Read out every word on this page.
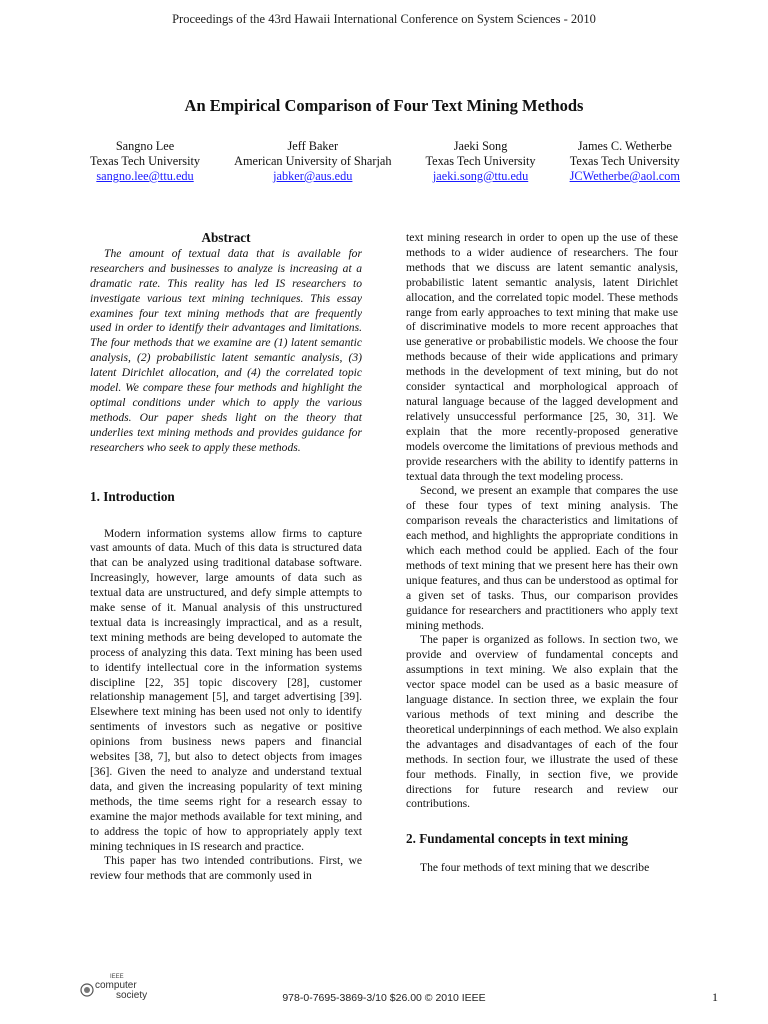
Proceedings of the 43rd Hawaii International Conference on System Sciences - 2010
An Empirical Comparison of Four Text Mining Methods
Sangno Lee
Texas Tech University
sangno.lee@ttu.edu
Jeff Baker
American University of Sharjah
jabker@aus.edu
Jaeki Song
Texas Tech University
jaeki.song@ttu.edu
James C. Wetherbe
Texas Tech University
JCWetherbe@aol.com
Abstract

The amount of textual data that is available for researchers and businesses to analyze is increasing at a dramatic rate. This reality has led IS researchers to investigate various text mining techniques. This essay examines four text mining methods that are frequently used in order to identify their advantages and limitations. The four methods that we examine are (1) latent semantic analysis, (2) probabilistic latent semantic analysis, (3) latent Dirichlet allocation, and (4) the correlated topic model. We compare these four methods and highlight the optimal conditions under which to apply the various methods. Our paper sheds light on the theory that underlies text mining methods and provides guidance for researchers who seek to apply these methods.

1. Introduction

Modern information systems allow firms to capture vast amounts of data. Much of this data is structured data that can be analyzed using traditional database software. Increasingly, however, large amounts of data such as textual data are unstructured, and defy simple attempts to make sense of it. Manual analysis of this unstructured textual data is increasingly impractical, and as a result, text mining methods are being developed to automate the process of analyzing this data. Text mining has been used to identify intellectual core in the information systems discipline [22, 35] topic discovery [28], customer relationship management [5], and target advertising [39]. Elsewhere text mining has been used not only to identify sentiments of investors such as negative or positive opinions from business news papers and financial websites [38, 7], but also to detect objects from images [36]. Given the need to analyze and understand textual data, and given the increasing popularity of text mining methods, the time seems right for a research essay to examine the major methods available for text mining, and to address the topic of how to appropriately apply text mining techniques in IS research and practice.

This paper has two intended contributions. First, we review four methods that are commonly used in

text mining research in order to open up the use of these methods to a wider audience of researchers. The four methods that we discuss are latent semantic analysis, probabilistic latent semantic analysis, latent Dirichlet allocation, and the correlated topic model. These methods range from early approaches to text mining that make use of discriminative models to more recent approaches that use generative or probabilistic models. We choose the four methods because of their wide applications and primary methods in the development of text mining, but do not consider syntactical and morphological approach of natural language because of the lagged development and relatively unsuccessful performance [25, 30, 31]. We explain that the more recently-proposed generative models overcome the limitations of previous methods and provide researchers with the ability to identify patterns in textual data through the text modeling process.

Second, we present an example that compares the use of these four types of text mining analysis. The comparison reveals the characteristics and limitations of each method, and highlights the appropriate conditions in which each method could be applied. Each of the four methods of text mining that we present here has their own unique features, and thus can be understood as optimal for a given set of tasks. Thus, our comparison provides guidance for researchers and practitioners who apply text mining methods.

The paper is organized as follows. In section two, we provide and overview of fundamental concepts and assumptions in text mining. We also explain that the vector space model can be used as a basic measure of language distance. In section three, we explain the four various methods of text mining and describe the theoretical underpinnings of each method. We also explain the advantages and disadvantages of each of the four methods. In section four, we illustrate the used of these four methods. Finally, in section five, we provide directions for future research and review our contributions.

2. Fundamental concepts in text mining

The four methods of text mining that we describe

IEEE
computer
society	978-0-7695-3869-3/10 $26.00 © 2010 IEEE	1
